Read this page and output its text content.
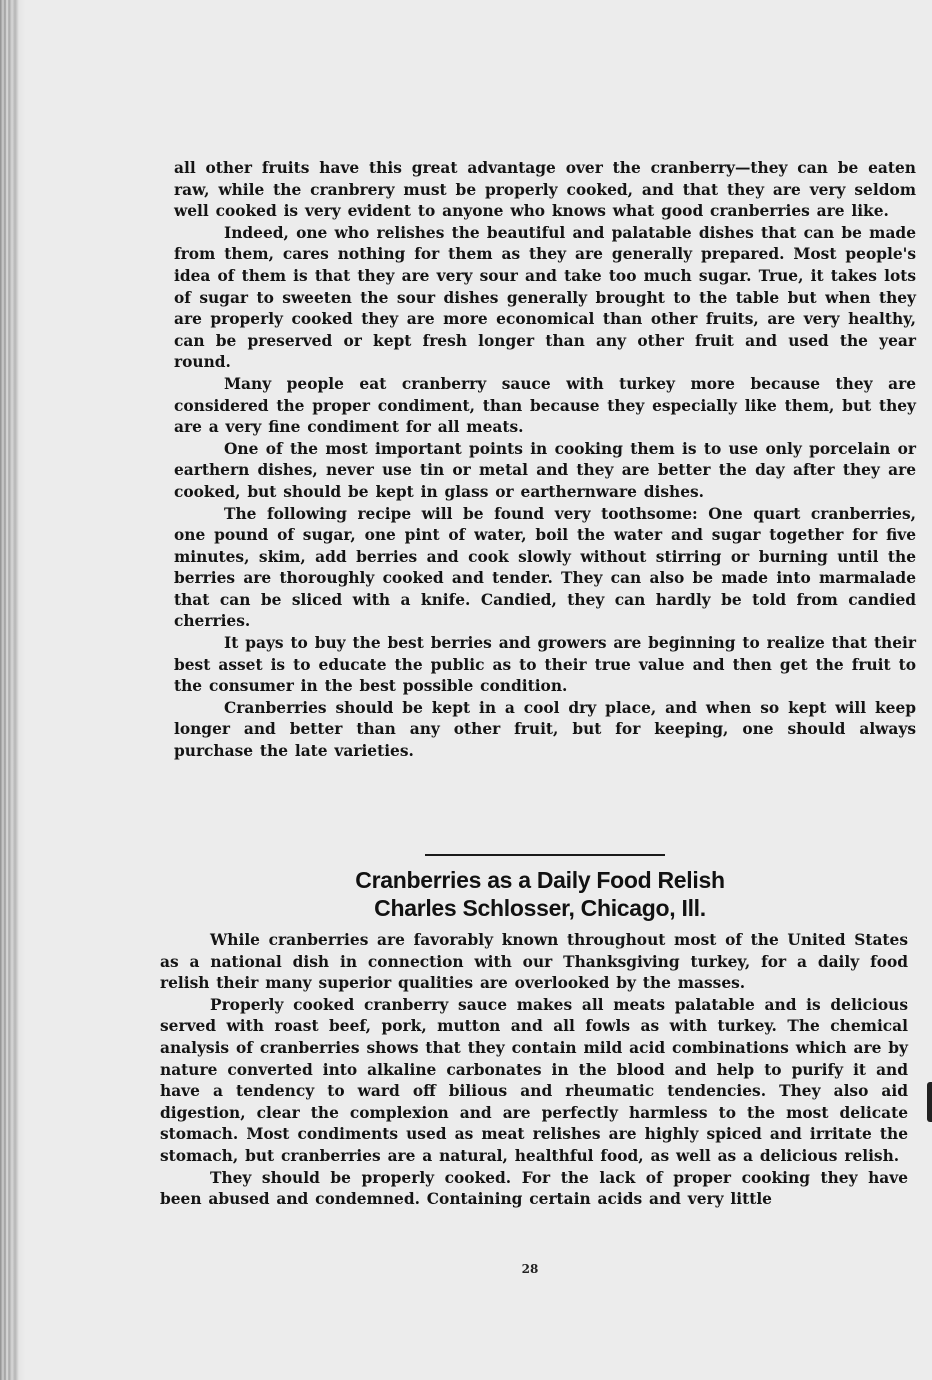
all other fruits have this great advantage over the cranberry—they can be eaten raw, while the cranbrery must be properly cooked, and that they are very seldom well cooked is very evident to anyone who knows what good cranberries are like.

Indeed, one who relishes the beautiful and palatable dishes that can be made from them, cares nothing for them as they are generally prepared. Most people's idea of them is that they are very sour and take too much sugar. True, it takes lots of sugar to sweeten the sour dishes generally brought to the table but when they are properly cooked they are more economical than other fruits, are very healthy, can be preserved or kept fresh longer than any other fruit and used the year round.

Many people eat cranberry sauce with turkey more because they are considered the proper condiment, than because they especially like them, but they are a very fine condiment for all meats.

One of the most important points in cooking them is to use only porcelain or earthern dishes, never use tin or metal and they are better the day after they are cooked, but should be kept in glass or earthernware dishes.

The following recipe will be found very toothsome: One quart cranberries, one pound of sugar, one pint of water, boil the water and sugar together for five minutes, skim, add berries and cook slowly without stirring or burning until the berries are thoroughly cooked and tender. They can also be made into marmalade that can be sliced with a knife. Candied, they can hardly be told from candied cherries.

It pays to buy the best berries and growers are beginning to realize that their best asset is to educate the public as to their true value and then get the fruit to the consumer in the best possible condition.

Cranberries should be kept in a cool dry place, and when so kept will keep longer and better than any other fruit, but for keeping, one should always purchase the late varieties.

Cranberries as a Daily Food Relish
Charles Schlosser, Chicago, Ill.

While cranberries are favorably known throughout most of the United States as a national dish in connection with our Thanksgiving turkey, for a daily food relish their many superior qualities are overlooked by the masses.

Properly cooked cranberry sauce makes all meats palatable and is delicious served with roast beef, pork, mutton and all fowls as with turkey. The chemical analysis of cranberries shows that they contain mild acid combinations which are by nature converted into alkaline carbonates in the blood and help to purify it and have a tendency to ward off bilious and rheumatic tendencies. They also aid digestion, clear the complexion and are perfectly harmless to the most delicate stomach. Most condiments used as meat relishes are highly spiced and irritate the stomach, but cranberries are a natural, healthful food, as well as a delicious relish.

They should be properly cooked. For the lack of proper cooking they have been abused and condemned. Containing certain acids and very little

28
